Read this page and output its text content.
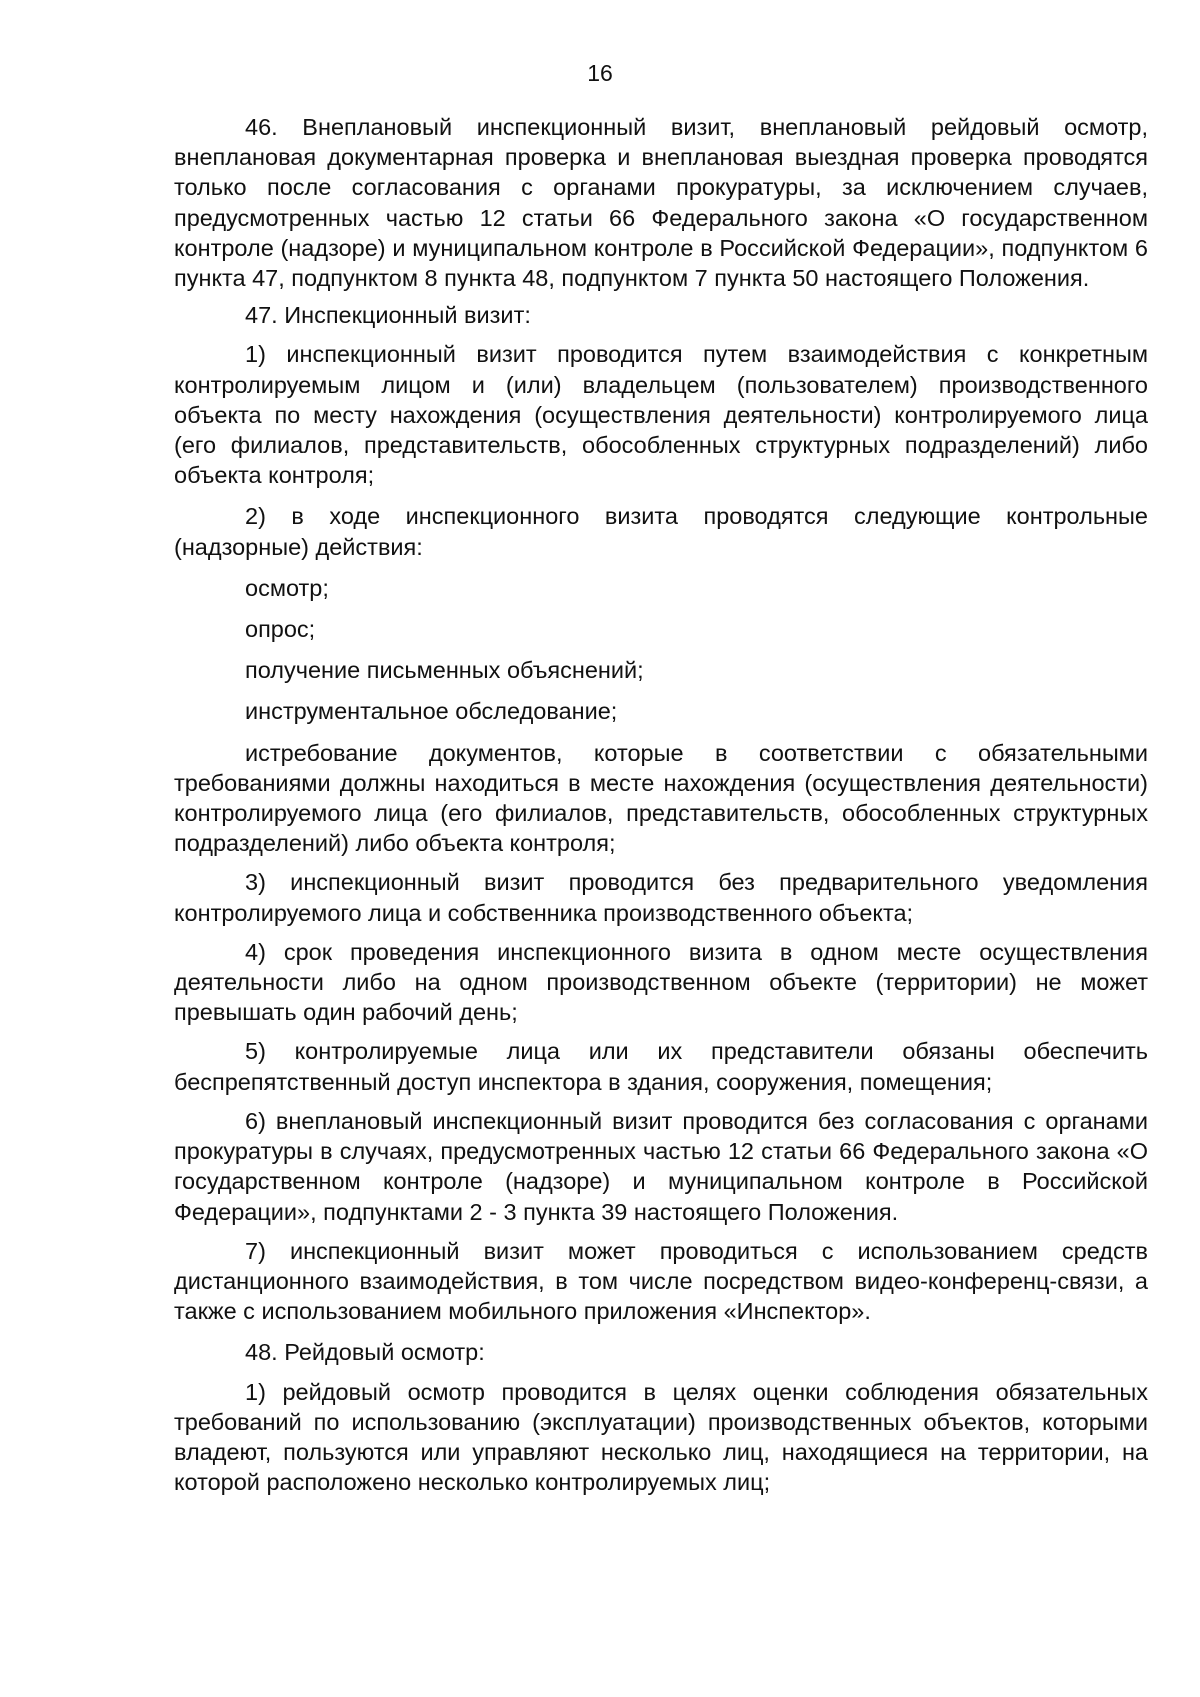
16

46. Внеплановый инспекционный визит, внеплановый рейдовый осмотр, внеплановая документарная проверка и внеплановая выездная проверка проводятся только после согласования с органами прокуратуры, за исключением случаев, предусмотренных частью 12 статьи 66 Федерального закона «О государственном контроле (надзоре) и муниципальном контроле в Российской Федерации», подпунктом 6 пункта 47, подпунктом 8 пункта 48, подпунктом 7 пункта 50 настоящего Положения.

47. Инспекционный визит:

1) инспекционный визит проводится путем взаимодействия с конкретным контролируемым лицом и (или) владельцем (пользователем) производственного объекта по месту нахождения (осуществления деятельности) контролируемого лица (его филиалов, представительств, обособленных структурных подразделений) либо объекта контроля;

2) в ходе инспекционного визита проводятся следующие контрольные (надзорные) действия:

осмотр;

опрос;

получение письменных объяснений;

инструментальное обследование;

истребование документов, которые в соответствии с обязательными требованиями должны находиться в месте нахождения (осуществления деятельности) контролируемого лица (его филиалов, представительств, обособленных структурных подразделений) либо объекта контроля;

3) инспекционный визит проводится без предварительного уведомления контролируемого лица и собственника производственного объекта;

4) срок проведения инспекционного визита в одном месте осуществления деятельности либо на одном производственном объекте (территории) не может превышать один рабочий день;

5) контролируемые лица или их представители обязаны обеспечить беспрепятственный доступ инспектора в здания, сооружения, помещения;

6) внеплановый инспекционный визит проводится без согласования с органами прокуратуры в случаях, предусмотренных частью 12 статьи 66 Федерального закона «О государственном контроле (надзоре) и муниципальном контроле в Российской Федерации», подпунктами 2 - 3 пункта 39 настоящего Положения.

7) инспекционный визит может проводиться с использованием средств дистанционного взаимодействия, в том числе посредством видео-конференц-связи, а также с использованием мобильного приложения «Инспектор».

48. Рейдовый осмотр:

1) рейдовый осмотр проводится в целях оценки соблюдения обязательных требований по использованию (эксплуатации) производственных объектов, которыми владеют, пользуются или управляют несколько лиц, находящиеся на территории, на которой расположено несколько контролируемых лиц;
